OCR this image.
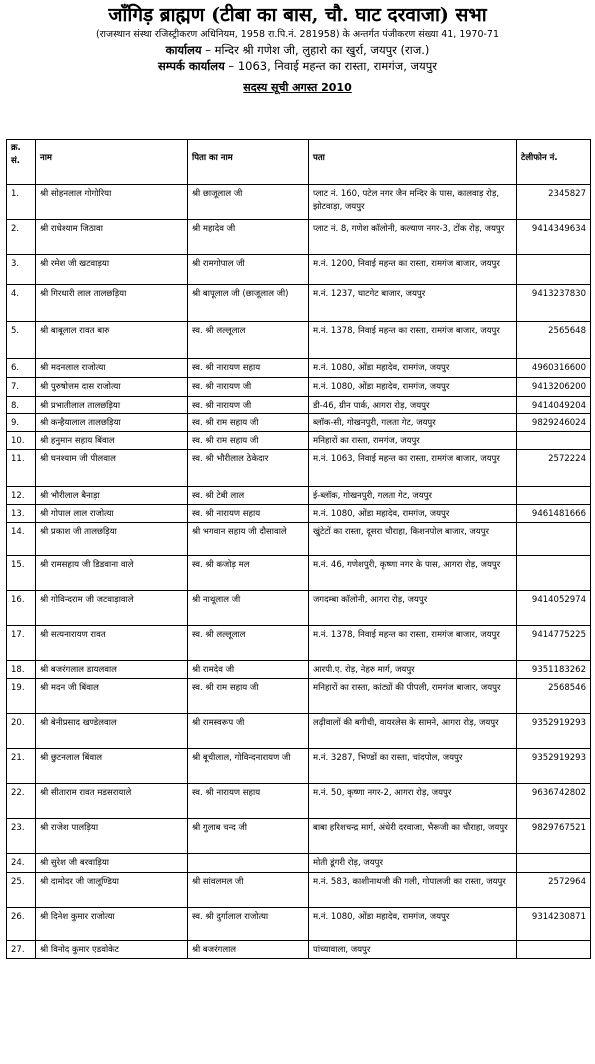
जाँगिड़ ब्राह्मण (टीबा का बास, चौ. घाट दरवाजा) सभा
(राजस्थान संस्था रजिस्ट्रीकरण अधिनियम, 1958 रा.पि.नं. 281958) के अन्तर्गत पंजीकरण संख्या 41, 1970-71
कार्यालय – मन्दिर श्री गणेश जी, लुहारो का खुर्रा, जयपुर (राज.)
सम्पर्क कार्यालय – 1063, निवाई महन्त का रास्ता, रामगंज, जयपुर
सदस्य सूची अगस्त 2010
क्र. सं.	नाम	पिता का नाम	पता	टेलीफोन नं.
1.	श्री सोहनलाल गोगोरिया	श्री छाजूलाल जी	प्लाट नं. 160, पटेल नगर जैन मन्दिर के पास, कालवाड़ रोड़, झोटवाड़ा, जयपुर	2345827
2.	श्री राधेश्याम जिठावा	श्री महादेव जी	प्लाट नं. 8, गणेश कॉलोनी, कल्याण नगर-3, टोंक रोड़, जयपुर	9414349634
3.	श्री रमेश जी खटवाड़या	श्री रामगोपाल जी	म.नं. 1200, निवाई महन्त का रास्ता, रामगंज बाजार, जयपुर	
4.	श्री गिरधारी लाल तालछड़िया	श्री बापूलाल जी (छाजूलाल जी)	म.नं. 1237, घाटगेट बाजार, जयपुर	9413237830
5.	श्री बाबूलाल रावत बारु	स्व. श्री लल्लूलाल	म.नं. 1378, निवाई महन्त का रास्ता, रामगंज बाजार, जयपुर	2565648
6.	श्री मदनलाल राजोत्या	स्व. श्री नारायण सहाय	म.नं. 1080, ओंडा महादेव, रामगंज, जयपुर	4960316600
7.	श्री पुरुषोत्तम दास राजोत्या	स्व. श्री नारायण जी	म.नं. 1080, ओंडा महादेव, रामगंज, जयपुर	9413206200
8.	श्री प्रभातीलाल तालछड़िया	स्व. श्री नारायण जी	डी-46, ग्रीन पार्क, आगरा रोड़, जयपुर	9414049204
9.	श्री कन्हैयालाल तालछड़िया	स्व. श्री राम सहाय जी	ब्लॉक-सी, गोखनपुरी, गलता गेट, जयपुर	9829246024
10.	श्री हनुमान सहाय बिंवाल	स्व. श्री राम सहाय जी	मनिहारों का रास्ता, रामगंज, जयपुर	
11.	श्री घनश्याम जी पीलवाल	स्व. श्री भौरीलाल ठेकेदार	म.नं. 1063, निवाई महन्त का रास्ता, रामगंज बाजार, जयपुर	2572224
12.	श्री भौरीलाल बैनाड़ा	स्व. श्री टेबी लाल	ई-ब्लॉक, गोखनपुरी, गलता गेट, जयपुर	
13.	श्री गोपाल लाल राजोत्या	स्व. श्री नारायण सहाय	म.नं. 1080, ओंडा महादेव, रामगंज, जयपुर	9461481666
14.	श्री प्रकाश जी तालछड़िया	श्री भगवान सहाय जी दौसावाले	खुंटेटों का रास्ता, दूसरा चौराहा, किशनपोल बाजार, जयपुर	
15.	श्री रामसहाय जी डिडवाना वाले	स्व. श्री कजोड़ मल	म.नं. 46, गणेशपुरी, कृष्णा नगर के पास, आगरा रोड़, जयपुर	
16.	श्री गोविन्दराम जी जटवाड़ावाले	श्री नाथूलाल जी	जगदम्बा कॉलोनी, आगरा रोड़, जयपुर	9414052974
17.	श्री सत्यनारायण रावत	स्व. श्री लल्लूलाल	म.नं. 1378, निवाई महन्त का रास्ता, रामगंज बाजार, जयपुर	9414775225
18.	श्री बजरंगलाल डायलवाल	श्री रामदेव जी	आरपी.ए. रोड़, नेहरु मार्ग, जयपुर	9351183262
19.	श्री मदन जी बिंवाल	स्व. श्री राम सहाय जी	मनिहारों का रास्ता, कांट्यों की पीपली, रामगंज बाजार, जयपुर	2568546
20.	श्री बेनीप्रसाद खण्डेलवाल	श्री रामस्वरूप जी	लढ़ीवालों की बगीची, वायरलेस के सामने, आगरा रोड़, जयपुर	9352919293
21.	श्री छुटनलाल बिंवाल	श्री बूचीलाल, गोविन्दनारायण जी	म.नं. 3287, भिण्डों का रास्ता, चांदपोल, जयपुर	9352919293
22.	श्री सीताराम रावत मडसरायाले	स्व. श्री नारायण सहाय	म.नं. 50, कृष्णा नगर-2, आगरा रोड़, जयपुर	9636742802
23.	श्री राजेश पालड़िया	श्री गुलाब चन्द जी	बाबा हरिशचन्द्र मार्ग, अंधेरी दरवाजा, भैरूजी का चौराहा, जयपुर	9829767521
24.	श्री सुरेश जी बरवाड़िया		मोती डूंगरी रोड़, जयपुर	
25.	श्री दामोदर जी जालूण्डिया	श्री सांवलमल जी	म.नं. 583, काशीनाथजी की गली, गोपालजी का रास्ता, जयपुर	2572964
26.	श्री दिनेश कुमार राजोत्या	स्व. श्री दुर्गालाल राजोत्या	म.नं. 1080, ओंडा महादेव, रामगंज, जयपुर	9314230871
27.	श्री विनोद कुमार एडवोकेट	श्री बजरंगलाल	पांच्यावाला, जयपुर	
